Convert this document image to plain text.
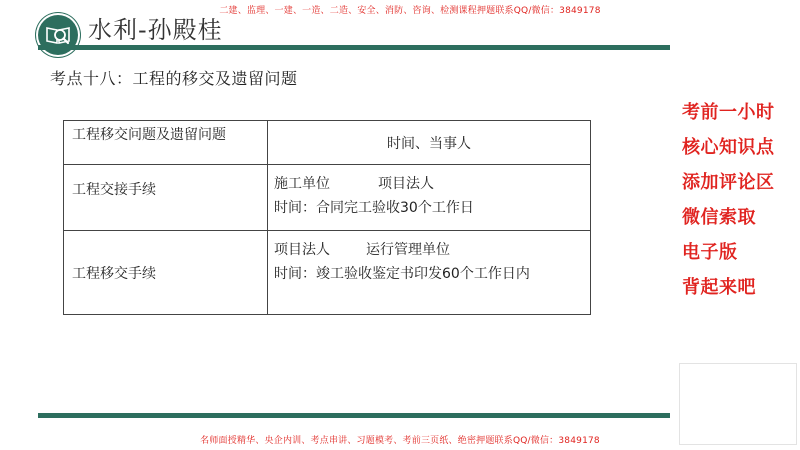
二建、监理、一建、一造、二造、安全、消防、咨询、检测课程押题联系QQ/微信：3849178
水利-孙殿桂
考点十八：工程的移交及遗留问题
工程移交问题及遗留问题	时间、当事人
工程交接手续	施工单位 项目法人
时间：合同完工验收30个工作日

工程移交手续	项目法人 运行管理单位
时间：竣工验收鉴定书印发60个工作日内
考前一小时
核心知识点
添加评论区
微信索取
电子版
背起来吧
名师面授精华、央企内训、考点串讲、习题模考、考前三页纸、绝密押题联系QQ/微信：3849178
